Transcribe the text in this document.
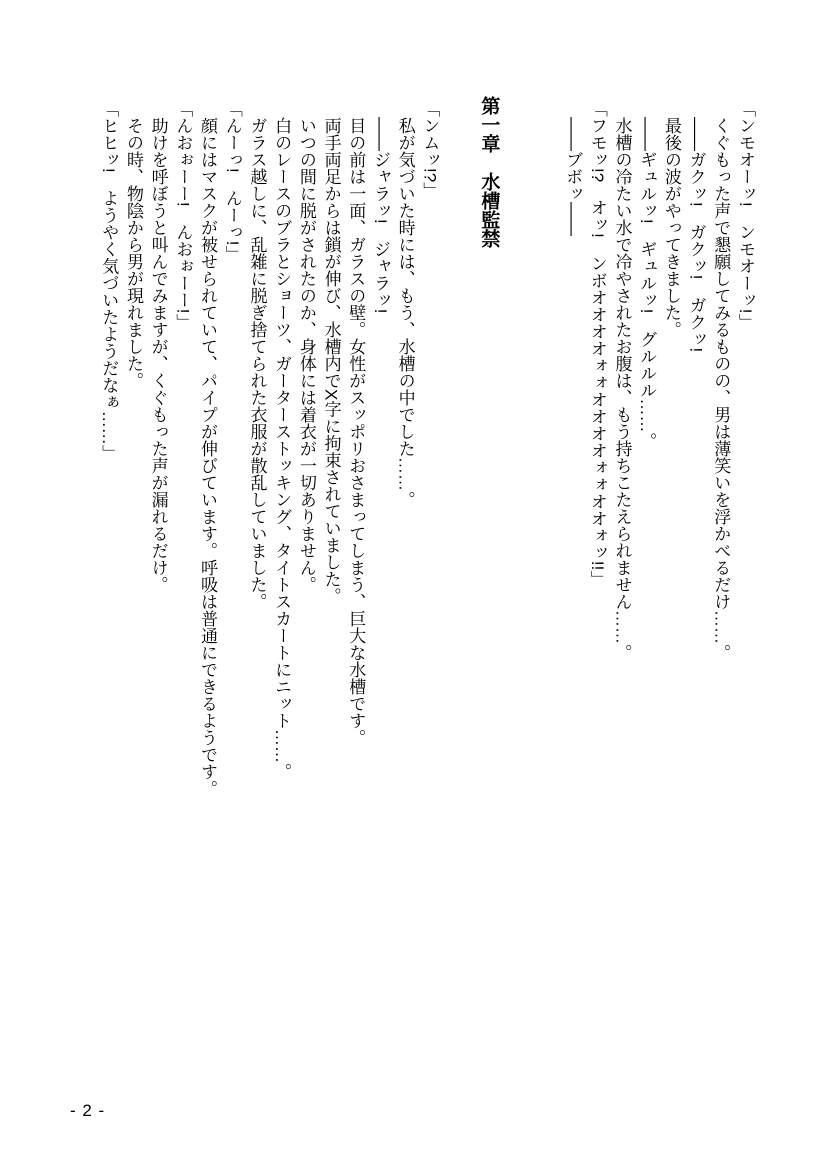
「ンモオーッ!　ンモオーッ!」

くぐもった声で懇願してみるものの、男は薄笑いを浮かべるだけ……。

――ガクッ!　ガクッ!　ガクッ!

最後の波がやってきました。

――ギュルッ!　ギュルッ!　グルルル……。

水槽の冷たい水で冷やされたお腹は、もう持ちこたえられません……。

「フモッ!?　オッ!　ンボオオオオォォオオオオォォオオォッ!!」

――ブボッ――

第一章　水槽監禁

「ンムッ!?」

私が気づいた時には、もう、水槽の中でした……。

――ジャラッ!　ジャラッ!

目の前は一面、ガラスの壁。女性がスッポリおさまってしまう、巨大な水槽です。

両手両足からは鎖が伸び、水槽内でX字に拘束されていました。

いつの間に脱がされたのか、身体には着衣が一切ありません。

白のレースのブラとショーツ、ガーターストッキング、タイトスカートにニット……。

ガラス越しに、乱雑に脱ぎ捨てられた衣服が散乱していました。

「んーっ!　んーっ!」

顔にはマスクが被せられていて、パイプが伸びています。呼吸は普通にできるようです。

「んおぉーー!　んおぉーー!」

助けを呼ぼうと叫んでみますが、くぐもった声が漏れるだけ。

その時、物陰から男が現れました。

「ヒヒッ!　ようやく気づいたようだなぁ……」

- 2 -
